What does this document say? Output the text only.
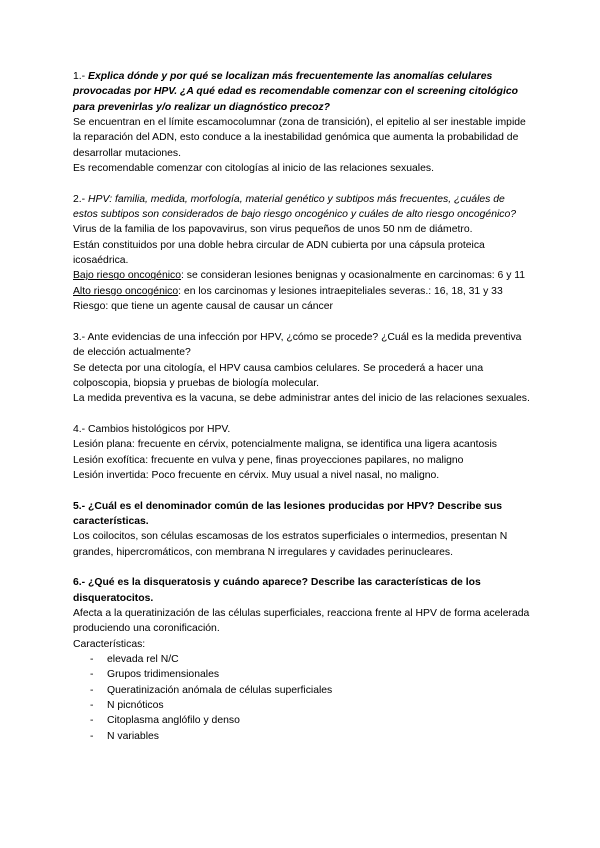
1.- Explica dónde y por qué se localizan más frecuentemente las anomalías celulares provocadas por HPV. ¿A qué edad es recomendable comenzar con el screening citológico para prevenirlas y/o realizar un diagnóstico precoz?

Se encuentran en el límite escamocolumnar (zona de transición), el epitelio al ser inestable impide la reparación del ADN, esto conduce a la inestabilidad genómica que aumenta la probabilidad de desarrollar mutaciones.

Es recomendable comenzar con citologías al inicio de las relaciones sexuales.

2.- HPV: familia, medida, morfología, material genético y subtipos más frecuentes, ¿cuáles de estos subtipos son considerados de bajo riesgo oncogénico y cuáles de alto riesgo oncogénico?

Virus de la familia de los papovavirus, son virus pequeños de unos 50 nm de diámetro.

Están constituidos por una doble hebra circular de ADN cubierta por una cápsula proteica icosaédrica.

Bajo riesgo oncogénico: se consideran lesiones benignas y ocasionalmente en carcinomas: 6 y 11

Alto riesgo oncogénico: en los carcinomas y lesiones intraepiteliales severas.: 16, 18, 31 y 33

Riesgo: que tiene un agente causal de causar un cáncer

3.- Ante evidencias de una infección por HPV, ¿cómo se procede? ¿Cuál es la medida preventiva de elección actualmente?

Se detecta por una citología, el HPV causa cambios celulares. Se procederá a hacer una colposcopia, biopsia y pruebas de biología molecular.

La medida preventiva es la vacuna, se debe administrar antes del inicio de las relaciones sexuales.

4.- Cambios histológicos por HPV.

Lesión plana: frecuente en cérvix, potencialmente maligna, se identifica una ligera acantosis

Lesión exofítica: frecuente en vulva y pene, finas proyecciones papilares, no maligno

Lesión invertida: Poco frecuente en cérvix. Muy usual a nivel nasal, no maligno.

5.- ¿Cuál es el denominador común de las lesiones producidas por HPV? Describe sus características.

Los coilocitos, son células escamosas de los estratos superficiales o intermedios, presentan N grandes, hipercromáticos, con membrana N irregulares y cavidades perinucleares.

6.- ¿Qué es la disqueratosis y cuándo aparece? Describe las características de los disqueratocitos.

Afecta a la queratinización de las células superficiales, reacciona frente al HPV de forma acelerada produciendo una coronificación.

Características:

- elevada rel N/C
- Grupos tridimensionales
- Queratinización anómala de células superficiales
- N picnóticos
- Citoplasma anglófilo y denso
- N variables
